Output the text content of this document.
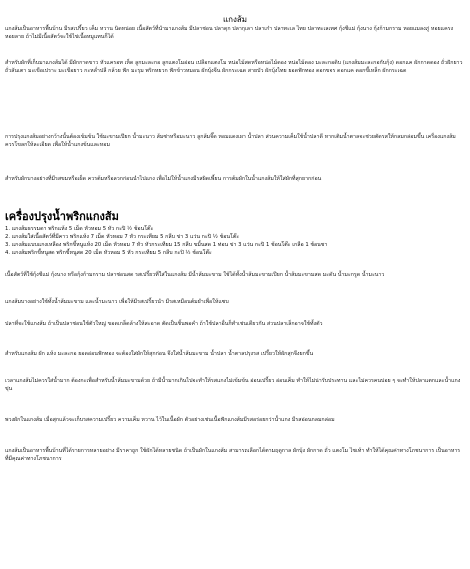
แกงส้ม

แกงส้มเป็นอาหารพื้นบ้าน มีรสเปรี้ยว เค็ม หวาน นิดหน่อย เนื้อสัตว์ที่นำมาแกงส้ม มีปลาช่อน ปลาดุก ปลากุเลา ปลาเก๋า ปลาทะเล ไทย ปลาทะเลเทศ กุ้งชีแม่ กุ้งนาง กุ้งก้ามกราม หอยแมลงภู่ หอยแครง หอยลาย ถ้าไม่มีเนื้อสัตว์จะใช้ไข่เนื้อหมูแทนก็ได้

สำหรับผักที่เก็บมาแกงส้มได้ มีผักกาดขาว หัวแครอท เห็ด ลูกมะละกอ ลูกแตงโมอ่อน เปลือกแตงโม หน่อไม้สดหรือหน่อไม้ดอง หน่อไม้ดอง มะละกอดิบ (แกงส้มมะละกอกับกุ้ง) ดอกแค ผักกาดดอง ถั่วฝักยาว ถั่วลันเตา มะเขือเปราะ มะเขือยาว กะหล่ำปลี กล้วย ฟัก มะรุม พริกหยวก ฟักข้าวหมอน ผักบุ้งจีน ผักกระเฉด สายบัว ผักบุ้งไทย ยอดฟักทอง ดอกขจร ดอกแค ดอกขี้เหล็ก ผักกระเฉด

การปรุงแกงส้มอย่างกว้างนั้นต้องเข้มข้น ใช้มะขามเปียก น้ำมะนาว ส้มซ่าหรือมะนาว ลูกส้มจี๊ด หอมแดงเผา น้ำปลา ส่วนความเค็มใช้น้ำปลาดี หากเติมน้ำตาลจะช่วยตัดรสให้กลมกล่อมขึ้น เครื่องแกงส้มควรโขลกให้ละเอียด เพื่อให้น้ำแกงข้นและหอม

สำหรับผักบางอย่างที่มีรสขมหรือเผ็ด ควรต้มหรือลวกก่อนนำไปแกง เพื่อไม่ให้น้ำแกงมีรสผิดเพี้ยน การต้มผักในน้ำแกงส้มให้ใส่ผักที่สุกยากก่อน

เครื่องปรุงน้ำพริกแกงส้ม
1. แกงส้มธรรมดา พริกแห้ง 5 เม็ด หัวหอม 5 หัว กะปิ ½ ช้อนโต๊ะ
2. แกงส้มใส่เนื้อสัตว์ที่มีคาว พริกแห้ง 7 เม็ด หัวหอม 7 หัว กระเทียม 5 กลีบ ข่า 3 แว่น กะปิ ½ ช้อนโต๊ะ
3. แกงส้มแบบแกงเหลือง พริกขี้หนูแห้ง 20 เม็ด หัวหอม 7 หัว หัวกระเทียม 15 กลีบ ขมิ้นสด 1 ท่อน ข่า 3 แว่น กะปิ 1 ช้อนโต๊ะ เกลือ 1 ช้อนชา
4. แกงส้มพริกขี้หนูสด พริกขี้หนูสด 20 เม็ด หัวหอม 5 หัว กระเทียม 5 กลีบ กะปิ ½ ช้อนโต๊ะ

เนื้อสัตว์ที่ใช้กุ้งชีแม่ กุ้งนาง หรือกุ้งก้ามกราม ปลาช่อนสด รสเปรี้ยวที่ใส่ในแกงส้ม มีน้ำส้มมะขาม ใช้ได้ทั้งน้ำส้มมะขามเปียก น้ำส้มมะขามสด มะดัน น้ำมะกรูด น้ำมะนาว

แกงส้มบางอย่างใช้ทั้งน้ำส้มมะขาม และน้ำมะนาว เพื่อให้มีรสเปรี้ยวนำ มีรสเหมือนต้มยำเพื่อให้แซบ

ปลาที่จะใช้แกงส้ม ถ้าเป็นปลาช่อนใช้ตัวใหญ่ ขอดเกล็ดล้างให้สะอาด ตัดเป็นชิ้นพอคำ ถ้าใช้ปลาอื่นก็ทำเช่นเดียวกัน ส่วนปลาเล็กอาจใช้ทั้งตัว

สำหรับแกงส้ม ผัก แห้ง มะละกอ ยอดอ่อนฟักทอง จะต้องใส่ผักให้สุกก่อน จึงใส่น้ำส้มมะขาม น้ำปลา น้ำตาลปรุงรส เปรี้ยวให้ผักสุกจึงยกขึ้น

เวลาแกงส้มไม่ควรใส่น้ำมาก ต้องกะเพื่อสำหรับน้ำส้มมะขามด้วย ถ้ามีน้ำมากเกินไปจะทำให้รสแกงไม่เข้มข้น อ่อนเปรี้ยว อ่อนเค็ม ทำให้ไม่น่ารับประทาน และไม่ควรคนบ่อย ๆ จะทำให้ปลาแตกและน้ำแกงขุ่น

พวงผักในแกงส้ม เมื่อสุกแล้วจะเก็บรสความเปรี้ยว ความเค็ม หวาน ไว้ในเนื้อผัก ตัวอย่างเช่นเนื้อฟักแกงส้มมีรสอร่อยกว่าน้ำแกง มีรสอ่อนกลมกล่อม

แกงส้มเป็นอาหารพื้นบ้านที่ได้รายการหลายอย่าง มีราคาถูก ใช้ผักได้หลายชนิด ถ้าเป็นผักในแกงส้ม สามารถเลือกได้ตามฤดูกาล ผักบุ้ง ผักกาด ถั่ว แตงโม ไชเท้า ทำให้ได้คุณค่าทางโภชนาการ เป็นอาหารที่มีคุณค่าทางโภชนาการ
